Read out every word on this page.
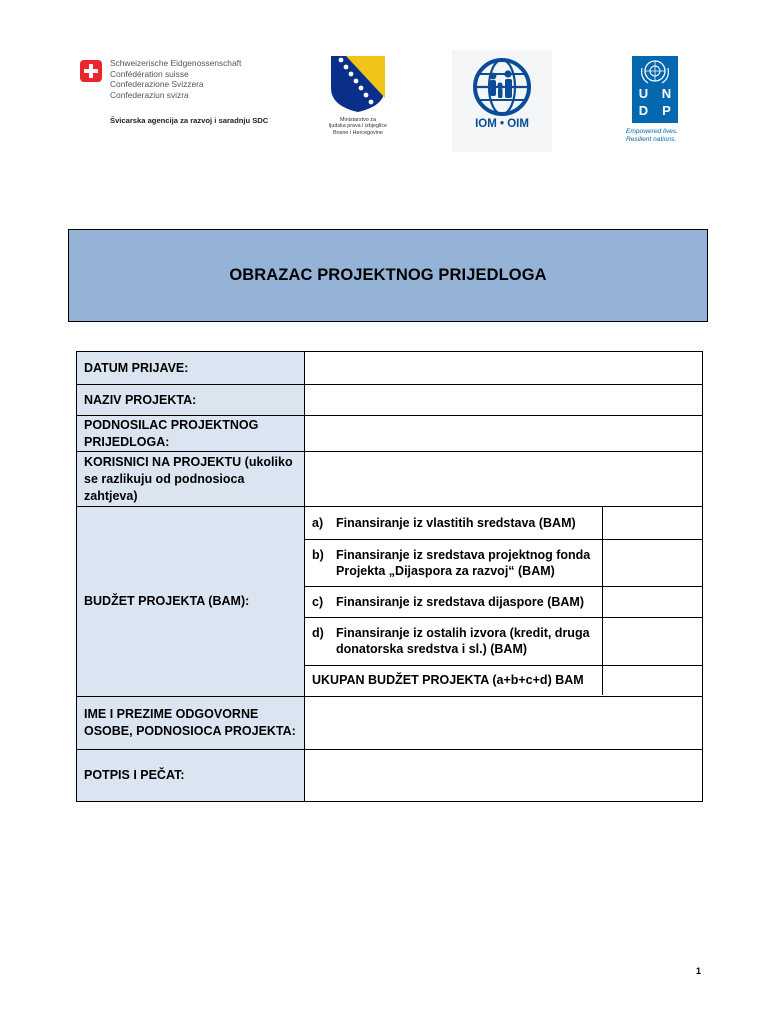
Schweizerische Eidgenossenschaft
Confédération suisse
Confederazione Svizzera
Confederaziun svizra
Švicarska agencija za razvoj i saradnju SDC	Ministarstvo za
ljudska prava i izbjeglice
Bosne i Hercegovine
IOM • OIM
U	N
D	P
Empowered lives.
Resilient nations.
OBRAZAC PROJEKTNOG PRIJEDLOGA
DATUM PRIJAVE:	
NAZIV PROJEKTA:	
PODNOSILAC PROJEKTNOG PRIJEDLOGA:	
KORISNICI NA PROJEKTU (ukoliko se razlikuju od podnosioca zahtjeva)	
BUDŽET PROJEKTA (BAM):	
a)	Finansiranje iz vlastitih sredstava (BAM)

b) Finansiranje iz sredstava projektnog fonda Projekta „Dijaspora za razvoj“ (BAM)

c)	Finansiranje iz sredstava dijaspore (BAM)

d) Finansiranje iz ostalih izvora (kredit, druga donatorska sredstva i sl.) (BAM)

UKUPAN BUDŽET PROJEKTA (a+b+c+d) BAM	

IME I PREZIME ODGOVORNE OSOBE, PODNOSIOCA PROJEKTA:	
POTPIS I PEČAT:	
1
